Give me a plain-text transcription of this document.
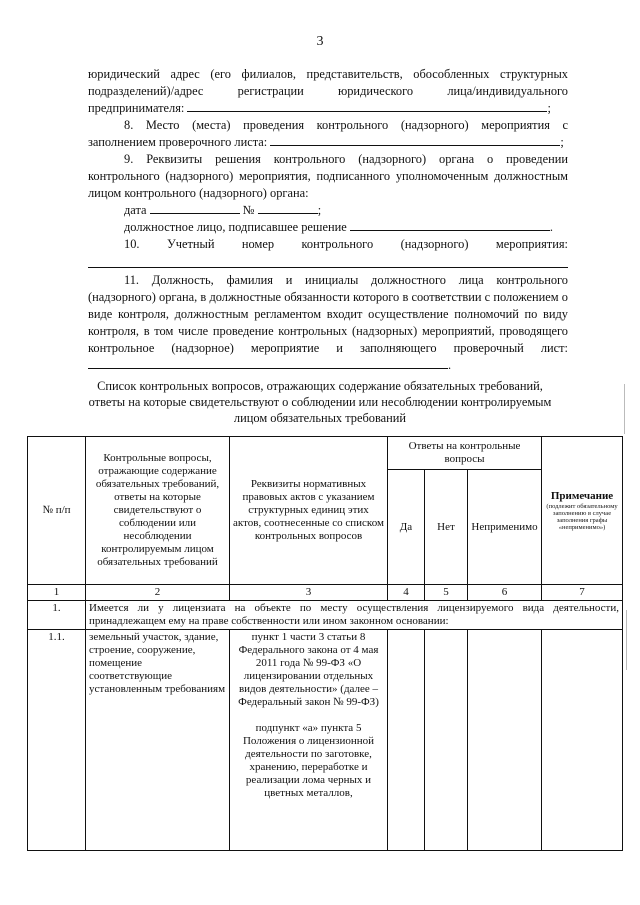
3

юридический адрес (его филиалов, представительств, обособленных структурных подразделений)/адрес регистрации юридического лица/индивидуального предпринимателя:	;

8. Место (места) проведения контрольного (надзорного) мероприятия с заполнением проверочного листа:	;

9. Реквизиты решения контрольного (надзорного) органа о проведении контрольного (надзорного) мероприятия, подписанного уполномоченным должностным лицом контрольного (надзорного) органа:

дата	№	;

должностное лицо, подписавшее решение	.

10. Учетный номер контрольного (надзорного) мероприятия:

11. Должность, фамилия и инициалы должностного лица контрольного (надзорного) органа, в должностные обязанности которого в соответствии с положением о виде контроля, должностным регламентом входит осуществление полномочий по виду контроля, в том числе проведение контрольных (надзорных) мероприятий, проводящего контрольное (надзорное) мероприятие и заполняющего проверочный лист: .

Список контрольных вопросов, отражающих содержание обязательных требований, ответы на которые свидетельствуют о соблюдении или несоблюдении контролируемым лицом обязательных требований
№ п/п	Контрольные вопросы, отражающие содержание обязательных требований, ответы на которые свидетельствуют о соблюдении или несоблюдении контролируемым лицом обязательных требований	Реквизиты нормативных правовых актов с указанием структурных единиц этих актов, соотнесенные со списком контрольных вопросов	Ответы на контрольные вопросы			Примечание
(подлежит обязательному заполнению в случае заполнения графы «неприменимо»)

			Да	Нет	Неприменимо	
1	2	3	4	5	6	7
1.	Имеется ли у лицензиата на объекте по месту осуществления лицензируемого вида деятельности, принадлежащем ему на праве собственности или ином законном основании:					
1.1.	земельный участок, здание, строение, сооружение, помещение соответствующие установленным требованиям	пункт 1 части 3 статьи 8 Федерального закона от 4 мая 2011 года № 99-ФЗ «О лицензировании отдельных видов деятельности» (далее – Федеральный закон № 99-ФЗ)
подпункт «а» пункта 5 Положения о лицензионной деятельности по заготовке, хранению, переработке и реализации лома черных и цветных металлов,				
